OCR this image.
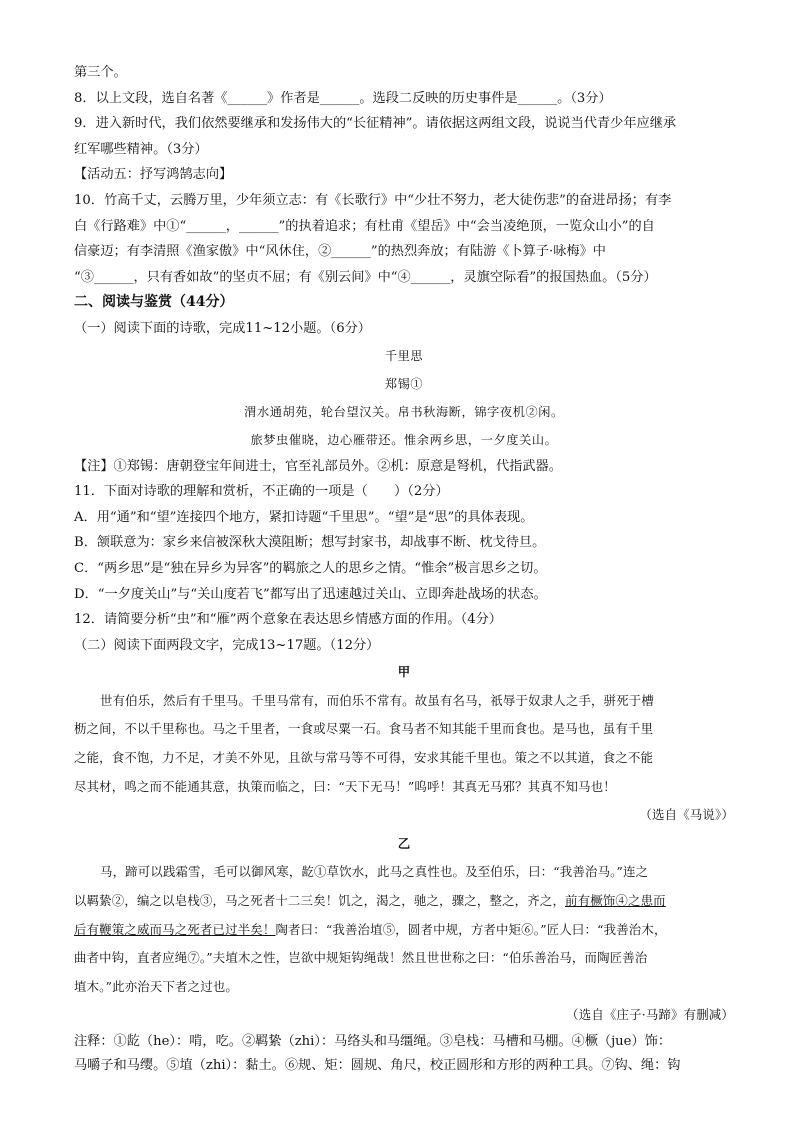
第三个。
8．以上文段，选自名著《______》作者是______。选段二反映的历史事件是______。（3分）
9．进入新时代，我们依然要继承和发扬伟大的“长征精神”。请依据这两组文段，说说当代青少年应继承
红军哪些精神。（3分）
【活动五：抒写鸿鹄志向】
10．竹高千丈，云腾万里，少年须立志：有《长歌行》中“少壮不努力，老大徒伤悲”的奋进昂扬；有李
白《行路难》中①“______，______”的执着追求；有杜甫《望岳》中“会当凌绝顶，一览众山小”的自
信豪迈；有李清照《渔家傲》中“风休住，②______”的热烈奔放；有陆游《卜算子·咏梅》中
“③______，只有香如故”的坚贞不屈；有《别云间》中“④______，灵旗空际看”的报国热血。（5分）
二、阅读与鉴赏（44分）
（一）阅读下面的诗歌，完成11~12小题。（6分）
千里思
郑锡①
渭水通胡苑，轮台望汉关。帛书秋海断，锦字夜机②闲。
旅梦虫催晓，边心雁带还。惟余两乡思，一夕度关山。
【注】①郑锡：唐朝登宝年间进士，官至礼部员外。②机：原意是弩机，代指武器。
11．下面对诗歌的理解和赏析，不正确的一项是（　　）（2分）
A．用“通”和“望”连接四个地方，紧扣诗题“千里思”。“望”是“思”的具体表现。
B．颔联意为：家乡来信被深秋大漠阻断；想写封家书，却战事不断、枕戈待旦。
C．“两乡思”是“独在异乡为异客”的羁旅之人的思乡之情。“惟余”极言思乡之切。
D．“一夕度关山”与“关山度若飞”都写出了迅速越过关山、立即奔赴战场的状态。
12．请简要分析“虫”和“雁”两个意象在表达思乡情感方面的作用。（4分）
（二）阅读下面两段文字，完成13~17题。（12分）
甲
世有伯乐，然后有千里马。千里马常有，而伯乐不常有。故虽有名马，祇辱于奴隶人之手，骈死于槽
枥之间，不以千里称也。马之千里者，一食或尽粟一石。食马者不知其能千里而食也。是马也，虽有千里
之能，食不饱，力不足，才美不外见，且欲与常马等不可得，安求其能千里也。策之不以其道，食之不能
尽其材，鸣之而不能通其意，执策而临之，曰：“天下无马！”呜呼！其真无马邪？其真不知马也！
（选自《马说》）
乙
马，蹄可以践霜雪，毛可以御风寒，龁①草饮水，此马之真性也。及至伯乐，曰：“我善治马。”连之
以羁絷②，编之以皂栈③，马之死者十二三矣！饥之，渴之，驰之，骤之，整之，齐之，前有橛饰④之患而
后有鞭策之威而马之死者已过半矣！陶者曰：“我善治埴⑤，圆者中规，方者中矩⑥。”匠人曰：“我善治木，
曲者中钩，直者应绳⑦。”夫埴木之性，岂欲中规矩钩绳哉！然且世世称之曰：“伯乐善治马，而陶匠善治
埴木。”此亦治天下者之过也。
（选自《庄子·马蹄》有删减）
注释：①龁（he）：啃，吃。②羁絷（zhi）：马络头和马缰绳。③皂栈：马槽和马棚。④橛（jue）饰：
马嚼子和马缨。⑤埴（zhi）：黏土。⑥规、矩：圆规、角尺，校正圆形和方形的两种工具。⑦钩、绳：钩
